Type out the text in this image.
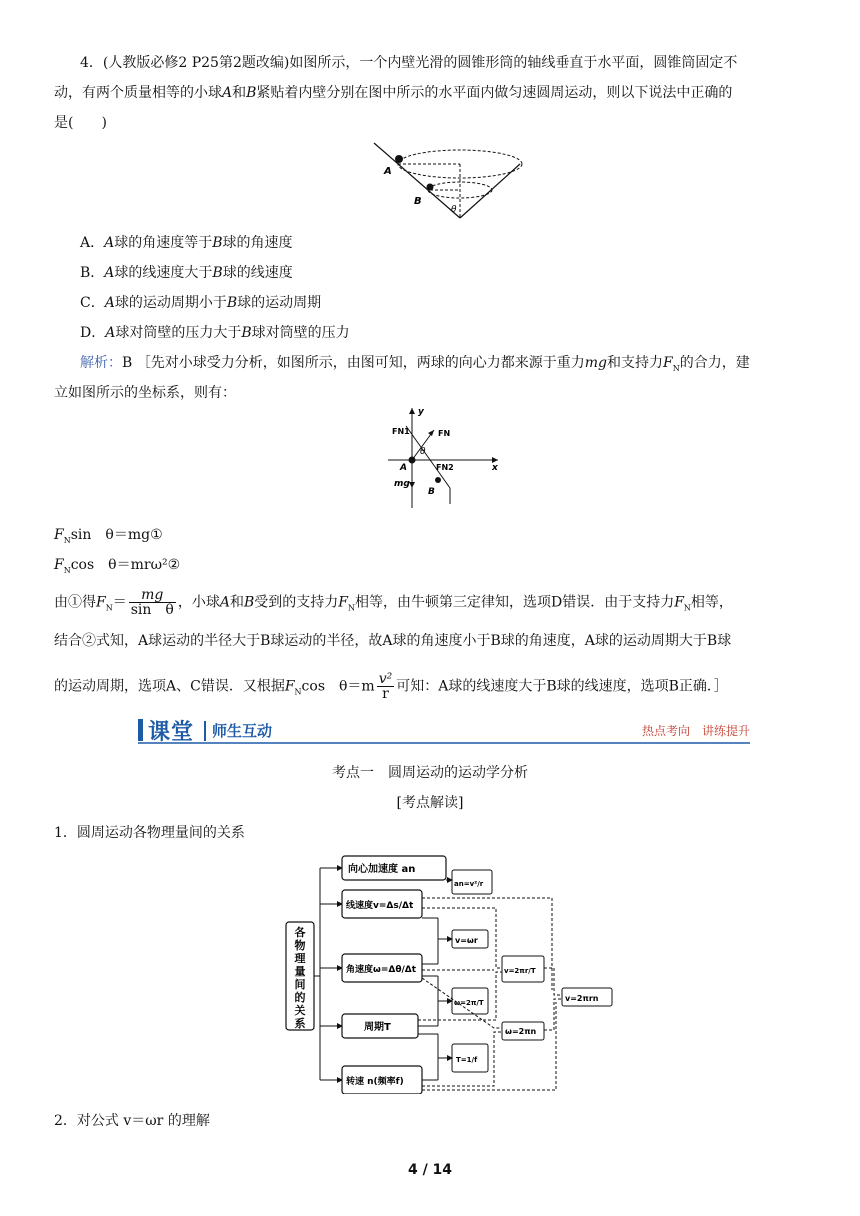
4．(人教版必修2 P25第2题改编)如图所示，一个内壁光滑的圆锥形筒的轴线垂直于水平面，圆锥筒固定不
动，有两个质量相等的小球A和B紧贴着内壁分别在图中所示的水平面内做匀速圆周运动，则以下说法中正确的
是(　　)
A
B
θ
A．A球的角速度等于B球的角速度
B．A球的线速度大于B球的线速度
C．A球的运动周期小于B球的运动周期
D．A球对筒壁的压力大于B球对筒壁的压力
解析：B ［先对小球受力分析，如图所示，由图可知，两球的向心力都来源于重力mg和支持力$F_N$的合力，建
立如图所示的坐标系，则有：
y
x
FN1	FN
FN2
θ
A
B
mg
$F_N\sin$　θ＝mg①
$F_N\cos$　θ＝mrω²②
由①得$F_N= \frac{mg}{\text{sin　θ}}$ ，小球A和B受到的支持力$F_N$相等，由牛顿第三定律知，选项D错误．由于支持力$F_N$相等，
结合②式知，A球运动的半径大于B球运动的半径，故A球的角速度小于B球的角速度，A球的运动周期大于B球
的运动周期，选项A、C错误．又根据$F_N\cos$　$\theta=m \frac{\text{v²}}{r}$ 可知：A球的线速度大于B球的线速度，选项B正确．］
课堂 师生互动	热点考向　讲练提升
考点一　圆周运动的运动学分析
[考点解读]
1．圆周运动各物理量间的关系
各
物
理
量
间
的
关
系
向心加速度 an
线速度v=Δs/Δt
角速度ω=Δθ/Δt
周期T
转速 n(频率f)
an=v²/r
v=ωr
ω=2π/T
T=1/f
v=2πr/T
ω=2πn
v=2πrn
2．对公式 v＝ωr 的理解
4 / 14
